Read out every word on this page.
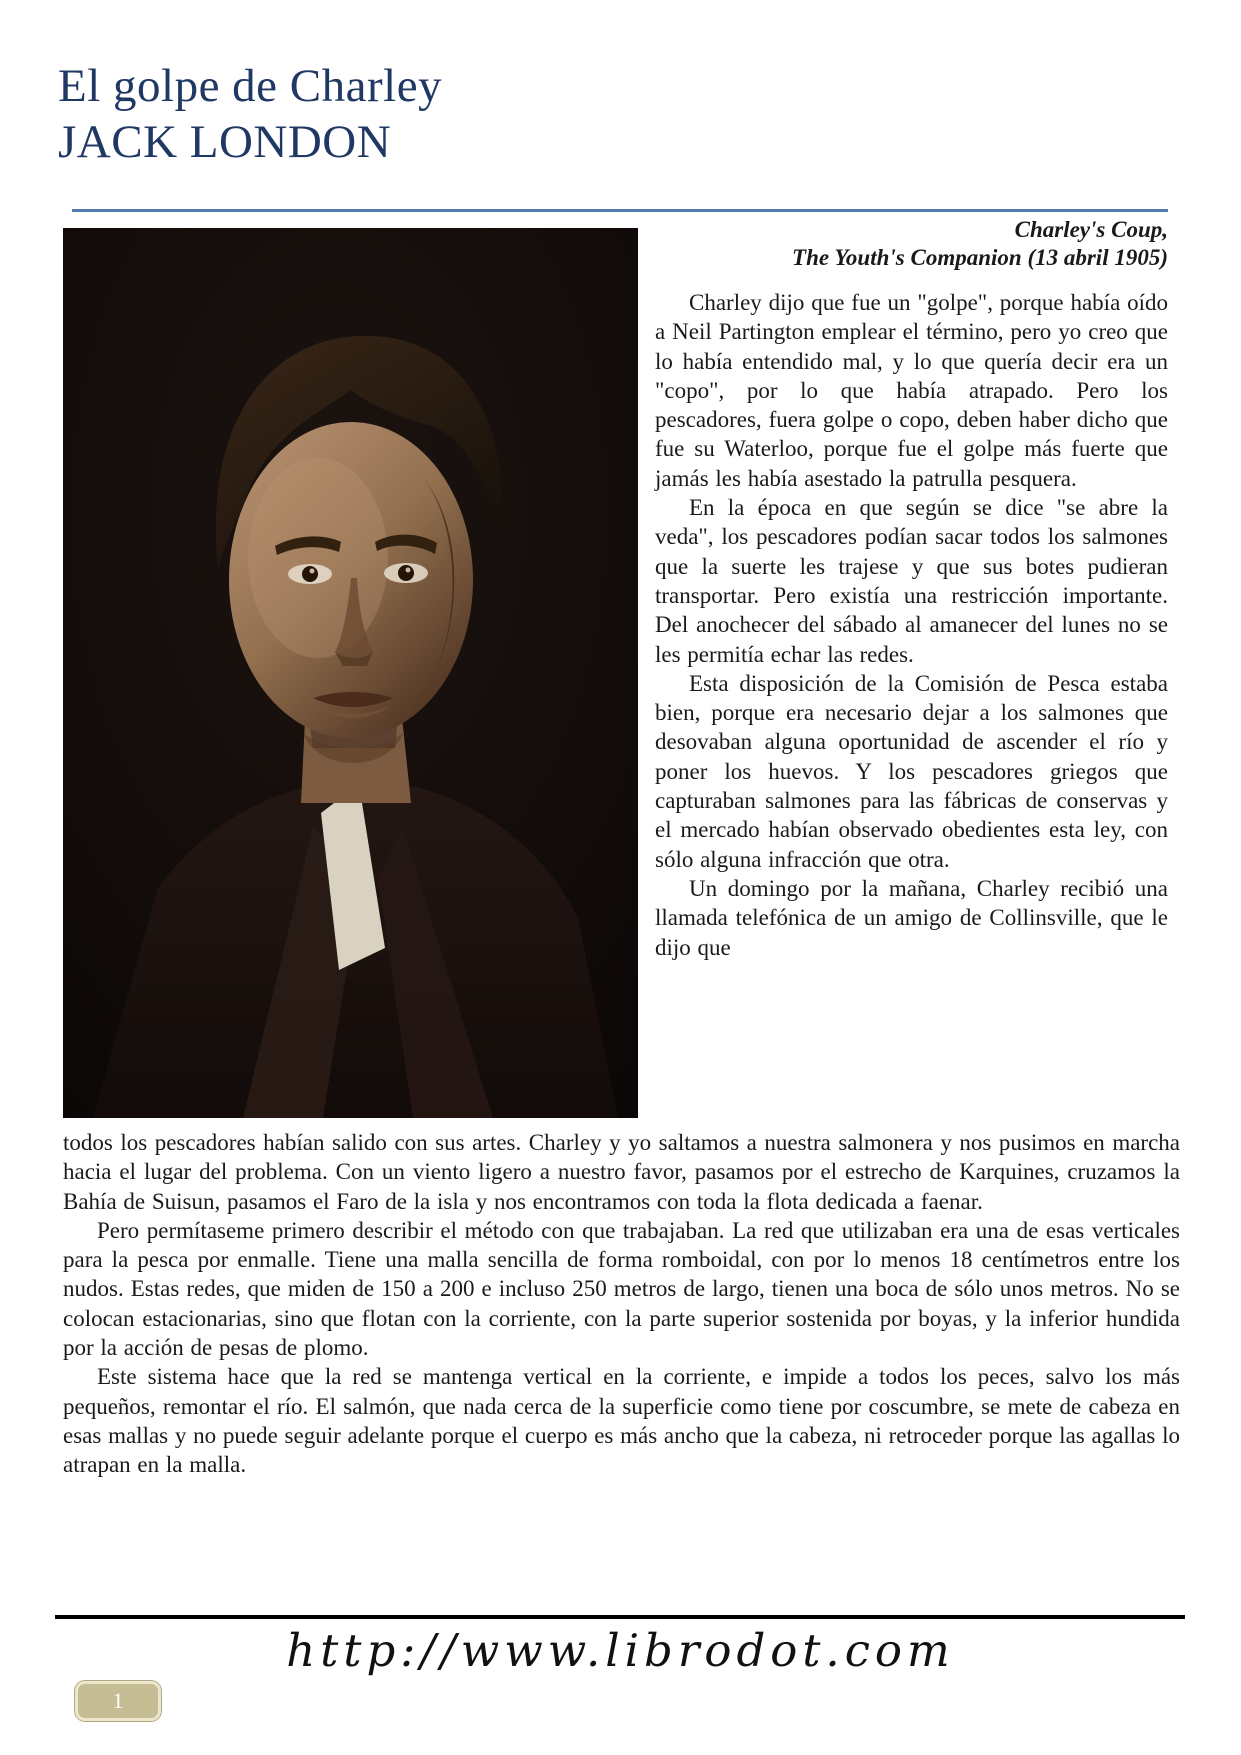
El golpe de Charley
JACK LONDON

Charley's Coup,
The Youth's Companion (13 abril 1905)

Charley dijo que fue un "golpe", porque había oído a Neil Partington emplear el término, pero yo creo que lo había entendido mal, y lo que quería decir era un "copo", por lo que había atrapado. Pero los pescadores, fuera golpe o copo, deben haber dicho que fue su Waterloo, porque fue el golpe más fuerte que jamás les había asestado la patrulla pesquera.

En la época en que según se dice "se abre la veda", los pescadores podían sacar todos los salmones que la suerte les trajese y que sus botes pudieran transportar. Pero existía una restricción importante. Del anochecer del sábado al amanecer del lunes no se les permitía echar las redes.

Esta disposición de la Comisión de Pesca estaba bien, porque era necesario dejar a los salmones que desovaban alguna oportunidad de ascender el río y poner los huevos. Y los pescadores griegos que capturaban salmones para las fábricas de conservas y el mercado habían observado obedientes esta ley, con sólo alguna infracción que otra.

Un domingo por la mañana, Charley recibió una llamada telefónica de un amigo de Collinsville, que le dijo que

todos los pescadores habían salido con sus artes. Charley y yo saltamos a nuestra salmonera y nos pusimos en marcha hacia el lugar del problema. Con un viento ligero a nuestro favor, pasamos por el estrecho de Karquines, cruzamos la Bahía de Suisun, pasamos el Faro de la isla y nos encontramos con toda la flota dedicada a faenar.

Pero permítaseme primero describir el método con que trabajaban. La red que utilizaban era una de esas verticales para la pesca por enmalle. Tiene una malla sencilla de forma romboidal, con por lo menos 18 centímetros entre los nudos. Estas redes, que miden de 150 a 200 e incluso 250 metros de largo, tienen una boca de sólo unos metros. No se colocan estacionarias, sino que flotan con la corriente, con la parte superior sostenida por boyas, y la inferior hundida por la acción de pesas de plomo.

Este sistema hace que la red se mantenga vertical en la corriente, e impide a todos los peces, salvo los más pequeños, remontar el río. El salmón, que nada cerca de la superficie como tiene por coscumbre, se mete de cabeza en esas mallas y no puede seguir adelante porque el cuerpo es más ancho que la cabeza, ni retroceder porque las agallas lo atrapan en la malla.

http://www.librodot.com
1
